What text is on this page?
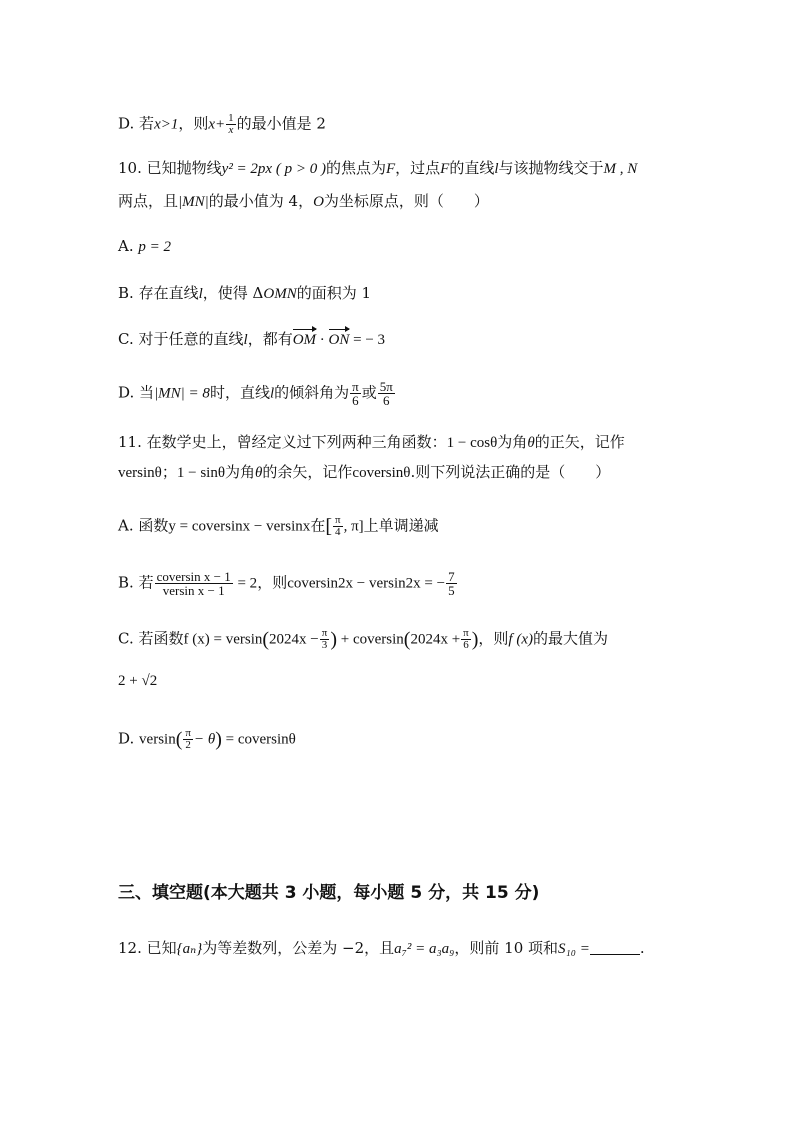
D. 若x>1，则$x+ \frac{1}{x}$ 的最小值是 2
10. 已知抛物线y² = 2px ( p > 0 )的焦点为F，过点F的直线l与该抛物线交于M , N
两点，且|MN|的最小值为 4，O为坐标原点，则（　　）
A. p = 2
B. 存在直线l，使得 ΔOMN的面积为 1
C. 对于任意的直线l，都有OM · ON = − 3
D. 当|MN| = 8时，直线l的倾斜角为 $\frac{\pi}{6}$ 或 $\frac{5\pi}{6}$
11. 在数学史上，曾经定义过下列两种三角函数：1 − cosθ为角θ的正矢，记作
versinθ；1 − sinθ为角θ的余矢，记作coversinθ.则下列说法正确的是（　　）
A. 函数y = coversinx − versinx在[ $\frac{\pi}{4}$ , π]上单调递减
B. 若 $\frac{\text{coversin x − 1}}{\text{versin x − 1}} = 2$，则coversin2x − versin2x = − $\frac{7}{5}$
C. 若函数f $(x) = versin(2024x - \frac{\pi}{3}$ ) + coversin(2024x + $\frac{\pi}{6}$ )，则f (x)的最大值为
2 + √2
D. $versin( \frac{\pi}{2} - \theta)$ = coversinθ
三、填空题(本大题共 3 小题，每小题 5 分，共 15 分)
12. 已知{aₙ}为等差数列，公差为 −2，且a₇² = a₃a₉，则前 10 项和S₁₀ =	.
